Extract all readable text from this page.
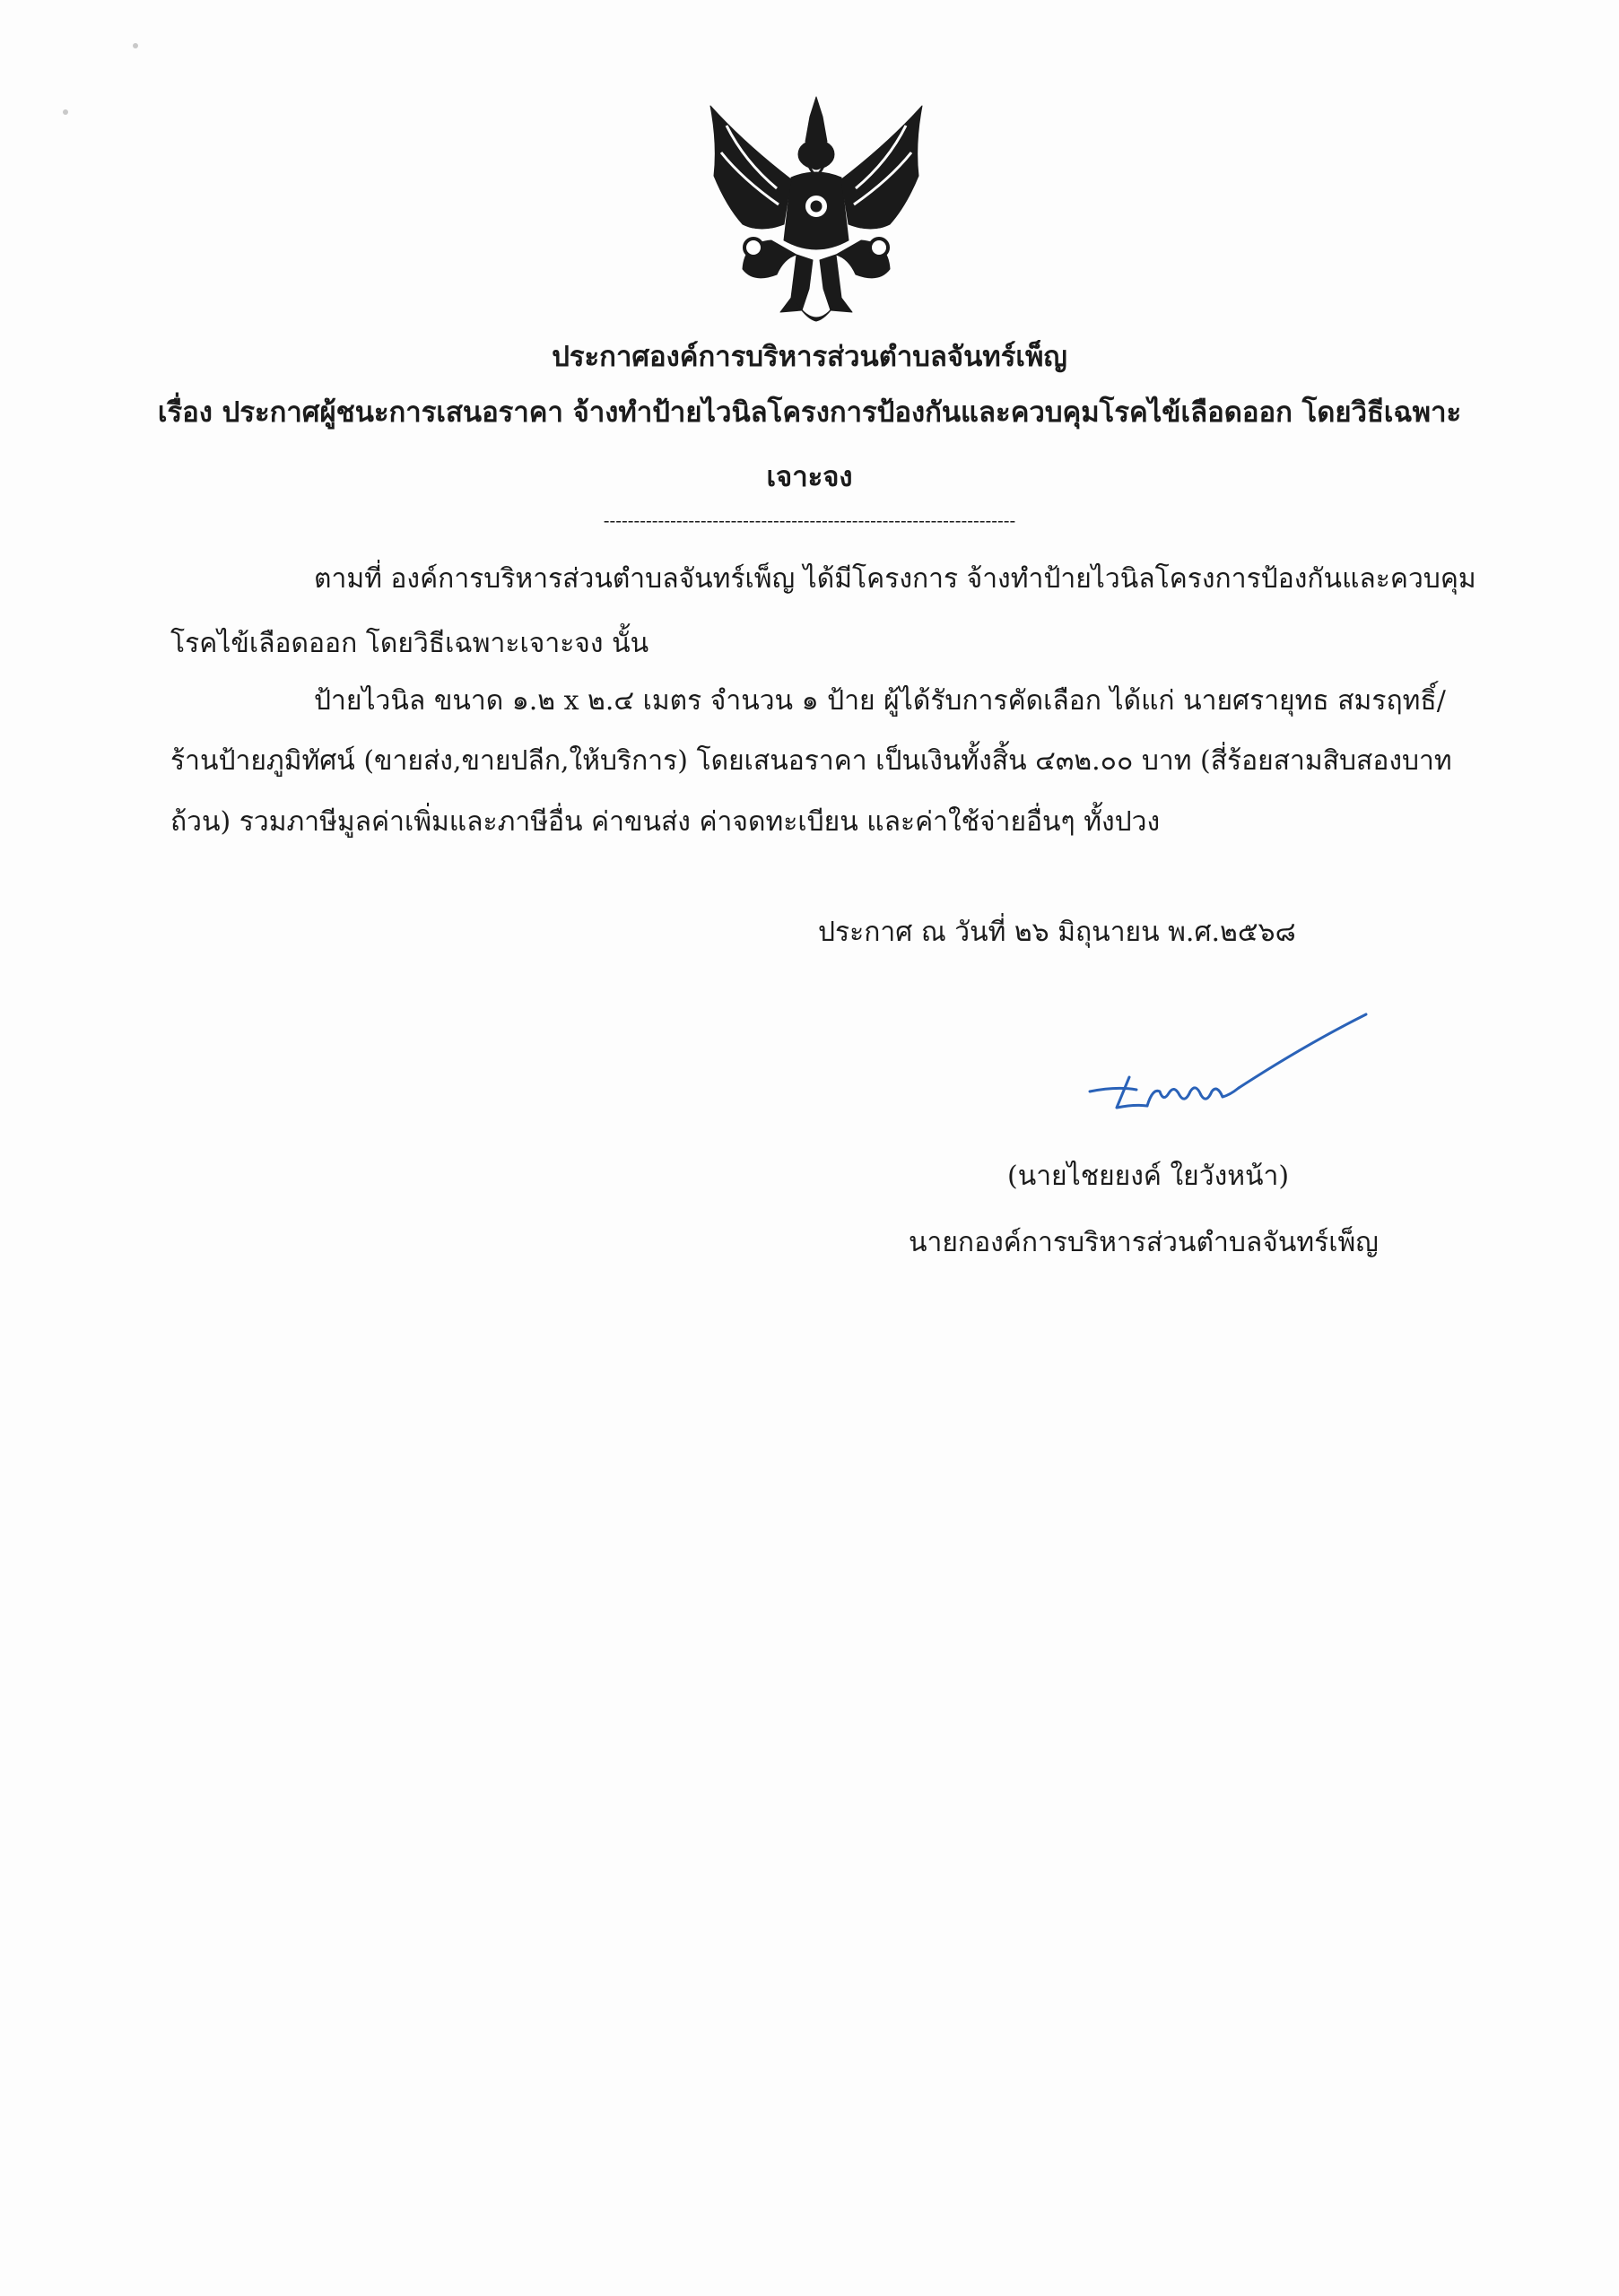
ประกาศองค์การบริหารส่วนตำบลจันทร์เพ็ญ
เรื่อง ประกาศผู้ชนะการเสนอราคา จ้างทำป้ายไวนิลโครงการป้องกันและควบคุมโรคไข้เลือดออก โดยวิธีเฉพาะ
เจาะจง
--------------------------------------------------------------------
ตามที่ องค์การบริหารส่วนตำบลจันทร์เพ็ญ ได้มีโครงการ จ้างทำป้ายไวนิลโครงการป้องกันและควบคุม
โรคไข้เลือดออก โดยวิธีเฉพาะเจาะจง นั้น
ป้ายไวนิล ขนาด ๑.๒ x ๒.๔ เมตร จำนวน ๑ ป้าย ผู้ได้รับการคัดเลือก ได้แก่ นายศรายุทธ สมรฤทธิ์/
ร้านป้ายภูมิทัศน์ (ขายส่ง,ขายปลีก,ให้บริการ) โดยเสนอราคา เป็นเงินทั้งสิ้น ๔๓๒.๐๐ บาท (สี่ร้อยสามสิบสองบาท
ถ้วน) รวมภาษีมูลค่าเพิ่มและภาษีอื่น ค่าขนส่ง ค่าจดทะเบียน และค่าใช้จ่ายอื่นๆ ทั้งปวง
ประกาศ ณ วันที่ ๒๖ มิถุนายน พ.ศ.๒๕๖๘
(นายไชยยงค์ ใยวังหน้า)
นายกองค์การบริหารส่วนตำบลจันทร์เพ็ญ
